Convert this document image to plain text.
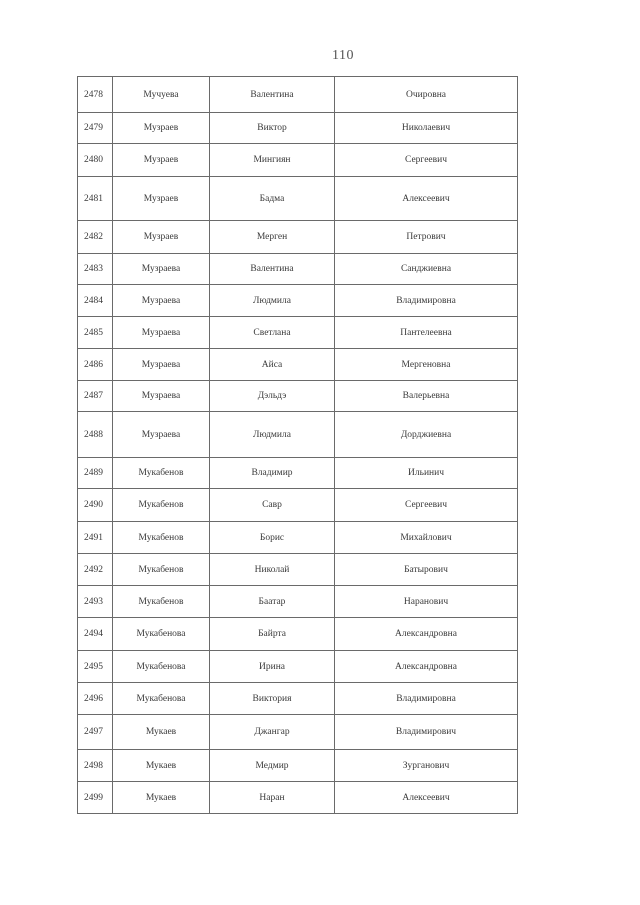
110
2478	Мучуева	Валентина	Очировна
2479	Музраев	Виктор	Николаевич
2480	Музраев	Мингиян	Сергеевич
2481	Музраев	Бадма	Алексеевич
2482	Музраев	Мерген	Петрович
2483	Музраева	Валентина	Санджиевна
2484	Музраева	Людмила	Владимировна
2485	Музраева	Светлана	Пантелеевна
2486	Музраева	Айса	Мергеновна
2487	Музраева	Дэльдэ	Валерьевна
2488	Музраева	Людмила	Дорджиевна
2489	Мукабенов	Владимир	Ильинич
2490	Мукабенов	Савр	Сергеевич
2491	Мукабенов	Борис	Михайлович
2492	Мукабенов	Николай	Батырович
2493	Мукабенов	Баатар	Наранович
2494	Мукабенова	Байрта	Александровна
2495	Мукабенова	Ирина	Александровна
2496	Мукабенова	Виктория	Владимировна
2497	Мукаев	Джангар	Владимирович
2498	Мукаев	Медмир	Зурганович
2499	Мукаев	Наран	Алексеевич
